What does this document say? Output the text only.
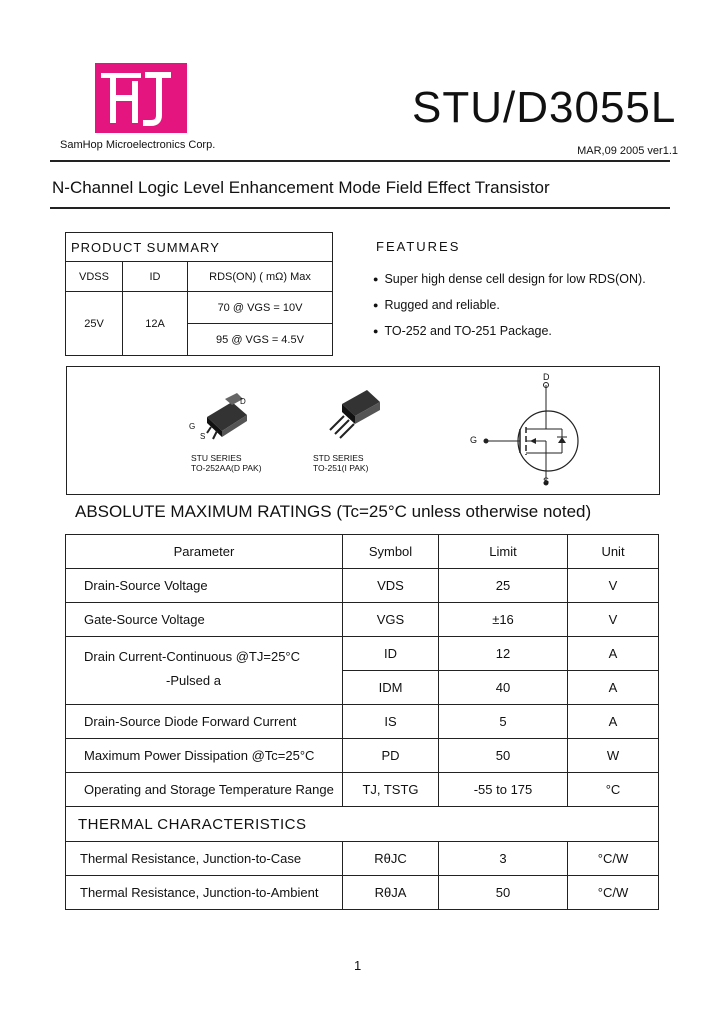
SamHop Microelectronics Corp.
STU/D3055L
MAR,09 2005 ver1.1
N-Channel Logic Level Enhancement Mode Field Effect Transistor
PRODUCT SUMMARY		
VDSS	ID	RDS(ON) ( mΩ) Max
25V	12A	70 @ VGS = 10V
		95 @ VGS = 4.5V
FEATURES
● Super high dense cell design for low RDS(ON).
● Rugged and reliable.
● TO-252 and TO-251 Package.
D
G
S
STU SERIES
TO-252AA(D PAK)
STD SERIES
TO-251(I PAK)
D
G
S
ABSOLUTE MAXIMUM RATINGS (Tc=25°C unless otherwise noted)
Parameter	Symbol	Limit	Unit
Drain-Source Voltage	VDS	25	V
Gate-Source Voltage	VGS	±16	V

Drain Current-Continuous @TJ=25°C
-Pulsed a	ID	12	A
	IDM	40	A
Drain-Source Diode Forward Current	IS	5	A
Maximum Power Dissipation @Tc=25°C	PD	50	W
Operating and Storage Temperature Range	TJ, TSTG	-55 to 175	°C
THERMAL CHARACTERISTICS			
Thermal Resistance, Junction-to-Case	RθJC	3	°C/W
Thermal Resistance, Junction-to-Ambient	RθJA	50	°C/W
1
